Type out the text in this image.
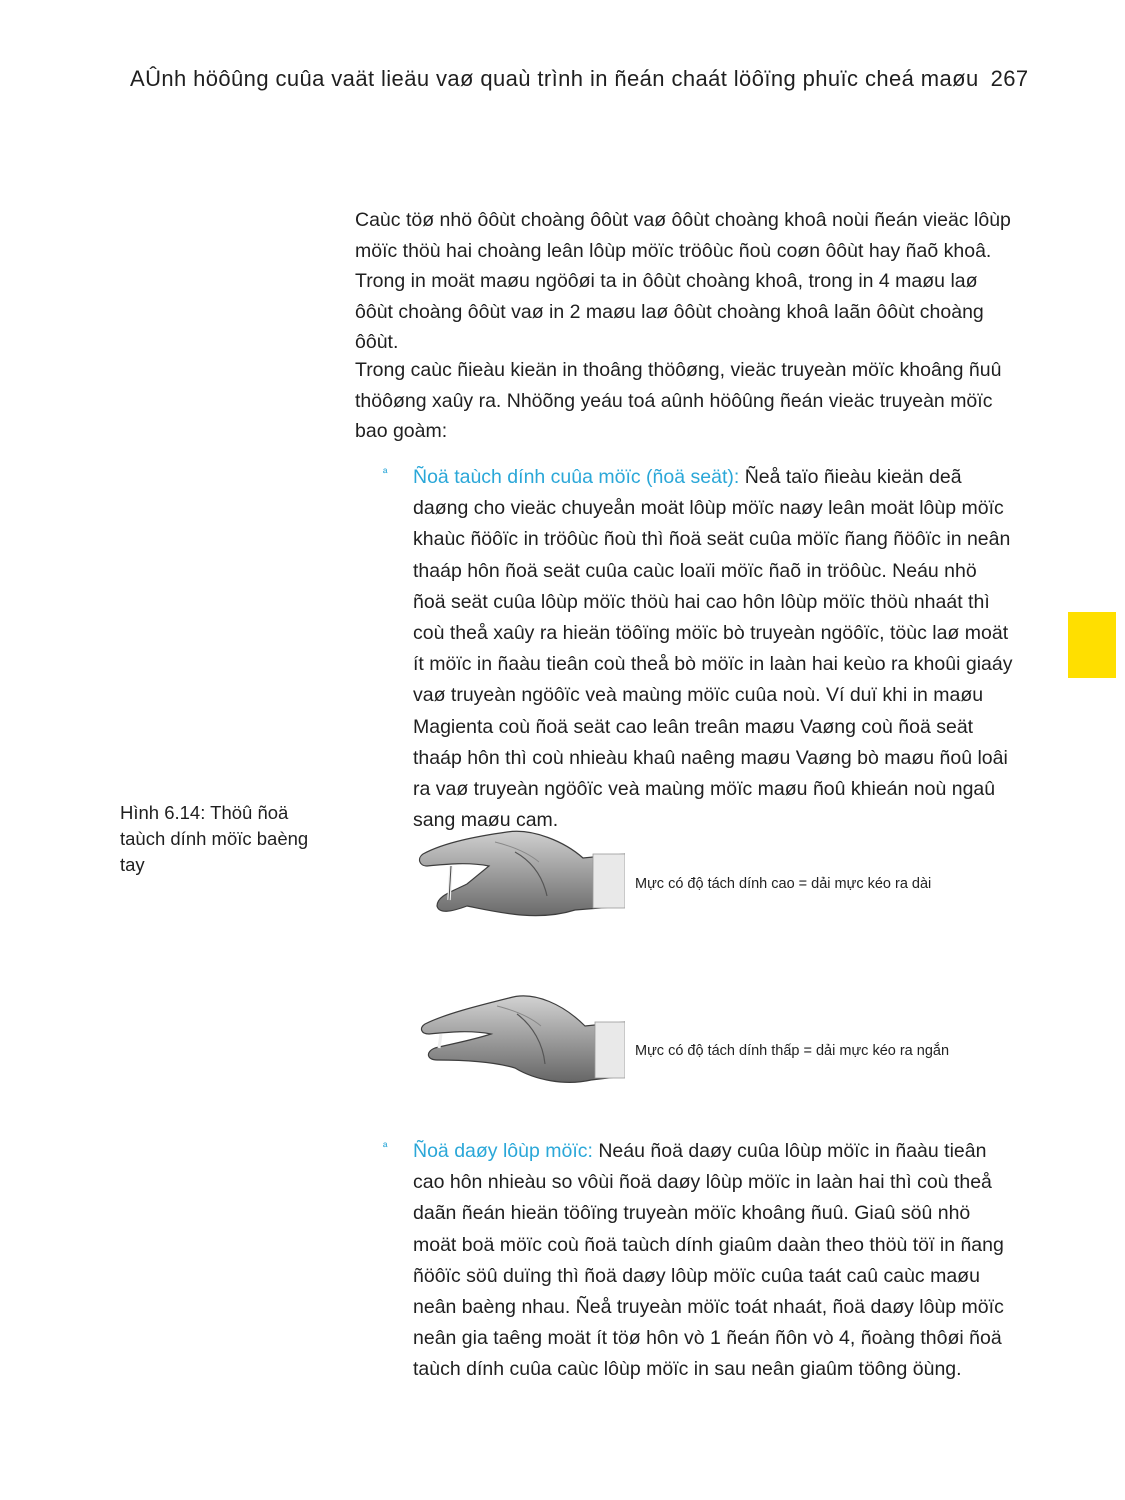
AÛnh höôûng cuûa vaät lieäu vaø quaù trình in ñeán chaát löôïng phuïc cheá maøu 267

Caùc töø nhö ôôùt choàng ôôùt vaø ôôùt choàng khoâ noùi ñeán vieäc lôùp möïc thöù hai choàng leân lôùp möïc tröôùc ñoù coøn ôôùt hay ñaõ khoâ. Trong in moät maøu ngöôøi ta in ôôùt choàng khoâ, trong in 4 maøu laø ôôùt choàng ôôùt vaø in 2 maøu laø ôôùt choàng khoâ laãn ôôùt choàng ôôùt.

Trong caùc ñieàu kieän in thoâng thöôøng, vieäc truyeàn möïc khoâng ñuû thöôøng xaûy ra. Nhöõng yeáu toá aûnh höôûng ñeán vieäc truyeàn möïc bao goàm:

ª Ñoä taùch dính cuûa möïc (ñoä seät): Ñeå taïo ñieàu kieän deã daøng cho vieäc chuyeån moät lôùp möïc naøy leân moät lôùp möïc khaùc ñöôïc in tröôùc ñoù thì ñoä seät cuûa möïc ñang ñöôïc in neân thaáp hôn ñoä seät cuûa caùc loaïi möïc ñaõ in tröôùc. Neáu nhö ñoä seät cuûa lôùp möïc thöù hai cao hôn lôùp möïc thöù nhaát thì coù theå xaûy ra hieän töôïng möïc bò truyeàn ngöôïc, töùc laø moät ít möïc in ñaàu tieân coù theå bò möïc in laàn hai keùo ra khoûi giaáy vaø truyeàn ngöôïc veà maùng möïc cuûa noù. Ví duï khi in maøu Magienta coù ñoä seät cao leân treân maøu Vaøng coù ñoä seät thaáp hôn thì coù nhieàu khaû naêng maøu Vaøng bò maøu ñoû loâi ra vaø truyeàn ngöôïc veà maùng möïc maøu ñoû khieán noù ngaû sang maøu cam.
Hình 6.14: Thöû ñoä taùch dính möïc baèng tay
Mực có độ tách dính cao = dải mực kéo ra dài
Mực có độ tách dính thấp = dải mực kéo ra ngắn
ª Ñoä daøy lôùp möïc: Neáu ñoä daøy cuûa lôùp möïc in ñaàu tieân cao hôn nhieàu so vôùi ñoä daøy lôùp möïc in laàn hai thì coù theå daãn ñeán hieän töôïng truyeàn möïc khoâng ñuû. Giaû söû nhö moät boä möïc coù ñoä taùch dính giaûm daàn theo thöù töï in ñang ñöôïc söû duïng thì ñoä daøy lôùp möïc cuûa taát caû caùc maøu neân baèng nhau. Ñeå truyeàn möïc toát nhaát, ñoä daøy lôùp möïc neân gia taêng moät ít töø hôn vò 1 ñeán ñôn vò 4, ñoàng thôøi ñoä taùch dính cuûa caùc lôùp möïc in sau neân giaûm töông öùng.
